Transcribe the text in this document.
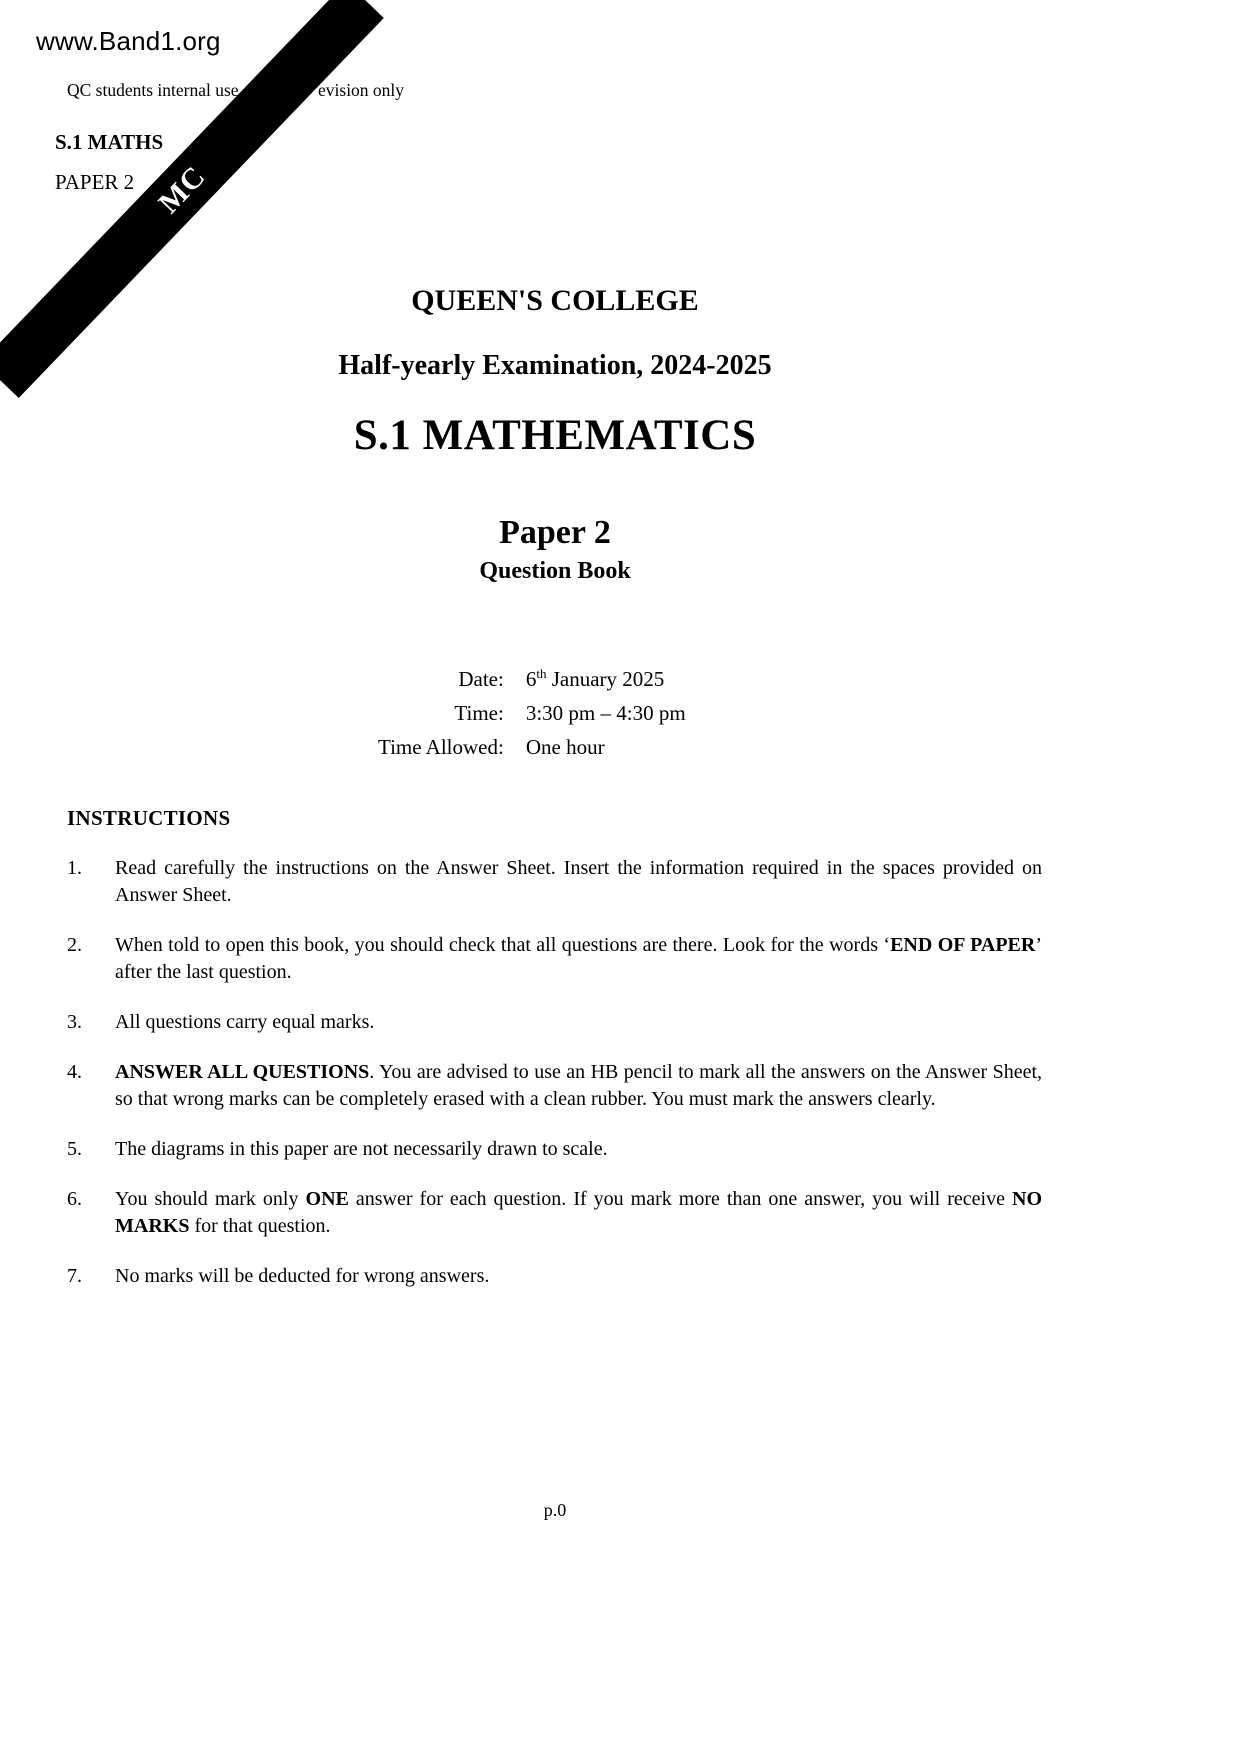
www.Band1.org
QC students internal use	evision only
S.1 MATHS
PAPER 2 MC
QUEEN'S COLLEGE
Half-yearly Examination, 2024-2025
S.1 MATHEMATICS
Paper 2
Question Book
Date: 6th January 2025
Time: 3:30 pm – 4:30 pm
Time Allowed: One hour
INSTRUCTIONS
1.	Read carefully the instructions on the Answer Sheet. Insert the information required in the spaces provided on Answer Sheet.
2.	When told to open this book, you should check that all questions are there. Look for the words ‘END OF PAPER’ after the last question.
3.	All questions carry equal marks.
4.	ANSWER ALL QUESTIONS. You are advised to use an HB pencil to mark all the answers on the Answer Sheet, so that wrong marks can be completely erased with a clean rubber. You must mark the answers clearly.
5.	The diagrams in this paper are not necessarily drawn to scale.
6.	You should mark only ONE answer for each question. If you mark more than one answer, you will receive NO MARKS for that question.
7.	No marks will be deducted for wrong answers.
p.0
